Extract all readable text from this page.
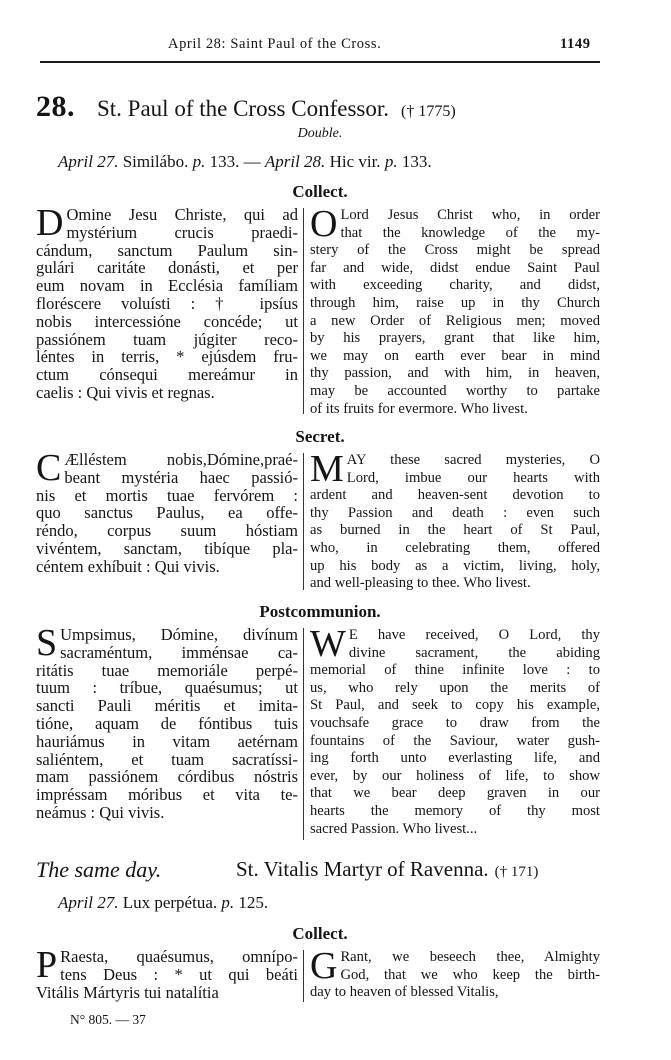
April 28: Saint Paul of the Cross.	1149
28. St. Paul of the Cross Confessor. († 1775)
Double.
April 27. Similábo. p. 133. — April 28. Hic vir. p. 133.
Collect.
D Omine Jesu Christe, qui ad
mystérium crucis praedi-
cándum, sanctum Paulum sin-
gulári caritáte donásti, et per
eum novam in Ecclésia famíliam
floréscere voluísti : † ipsíus
nobis intercessióne concéde; ut
passiónem tuam júgiter reco-
léntes in terris, * ejúsdem fru-
ctum cónsequi mereámur in
caelis : Qui vivis et regnas.
O Lord Jesus Christ who, in order
that the knowledge of the my-
stery of the Cross might be spread
far and wide, didst endue Saint Paul
with exceeding charity, and didst,
through him, raise up in thy Church
a new Order of Religious men; moved
by his prayers, grant that like him,
we may on earth ever bear in mind
thy passion, and with him, in heaven,
may be accounted worthy to partake
of its fruits for evermore. Who livest.
Secret.
C Ælléstem nobis,Dómine,praé-
beant mystéria haec passió-
nis et mortis tuae fervórem :
quo sanctus Paulus, ea offe-
réndo, corpus suum hóstiam
vivéntem, sanctam, tibíque pla-
céntem exhíbuit : Qui vivis.
M AY these sacred mysteries, O
Lord, imbue our hearts with
ardent and heaven-sent devotion to
thy Passion and death : even such
as burned in the heart of St Paul,
who, in celebrating them, offered
up his body as a victim, living, holy,
and well-pleasing to thee. Who livest.
Postcommunion.
S Umpsimus, Dómine, divínum
sacraméntum, imménsae ca-
ritátis tuae memoriále perpé-
tuum : tríbue, quaésumus; ut
sancti Pauli méritis et imita-
tióne, aquam de fóntibus tuis
hauriámus in vitam aetérnam
saliéntem, et tuam sacratíssi-
mam passiónem córdibus nóstris
impréssam móribus et vita te-
neámus : Qui vivis.
W E have received, O Lord, thy
divine sacrament, the abiding
memorial of thine infinite love : to
us, who rely upon the merits of
St Paul, and seek to copy his example,
vouchsafe grace to draw from the
fountains of the Saviour, water gush-
ing forth unto everlasting life, and
ever, by our holiness of life, to show
that we bear deep graven in our
hearts the memory of thy most
sacred Passion. Who livest...
The same day.	St. Vitalis Martyr of Ravenna. († 171)
April 27. Lux perpétua. p. 125.
Collect.
P Raesta, quaésumus, omnípo-
tens Deus : * ut qui beáti
Vitális Mártyris tui natalítia
G Rant, we beseech thee, Almighty
God, that we who keep the birth-
day to heaven of blessed Vitalis,
N° 805. — 37
